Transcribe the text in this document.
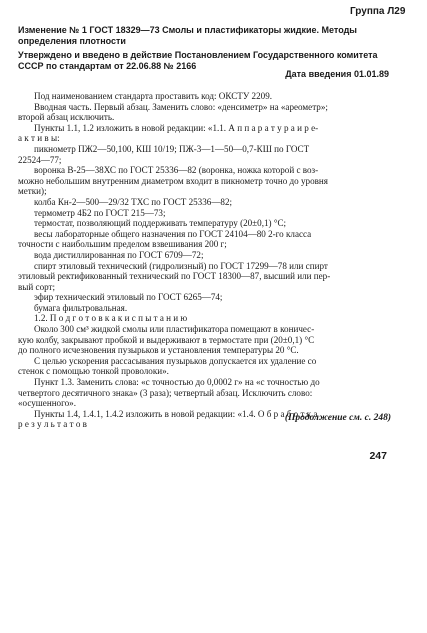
Группа Л29
Изменение № 1 ГОСТ 18329—73 Смолы и пластификаторы жидкие. Методы
определения плотности
Утверждено и введено в действие Постановлением Государственного комитета
СССР по стандартам от 22.06.88 № 2166
Дата введения 01.01.89
Под наименованием стандарта проставить код: ОКСТУ 2209.
Вводная часть. Первый абзац. Заменить слово: «денсиметр» на «ареометр»;
второй абзац исключить.
Пункты 1.1, 1.2 изложить в новой редакции: «1.1. А п п а р а т у р а и р е-
а к т и в ы:
пикнометр ПЖ2—50,100, КШ 10/19; ПЖ-3—1—50—0,7-КШ по ГОСТ
22524—77;
воронка В-25—38ХС по ГОСТ 25336—82 (воронка, ножка которой с воз-
можно небольшим внутренним диаметром входит в пикнометр точно до уровня
метки);
колба Кн-2—500—29/32 ТХС по ГОСТ 25336—82;
термометр 4Б2 по ГОСТ 215—73;
термостат, позволяющий поддерживать температуру (20±0,1) °С;
весы лабораторные общего назначения по ГОСТ 24104—80 2-го класса
точности с наибольшим пределом взвешивания 200 г;
вода дистиллированная по ГОСТ 6709—72;
спирт этиловый технический (гидролизный) по ГОСТ 17299—78 или спирт
этиловый ректификованный технический по ГОСТ 18300—87, высший или пер-
вый сорт;
эфир технический этиловый по ГОСТ 6265—74;
бумага фильтровальная.
1.2. П о д г о т о в к а к и с п ы т а н и ю
Около 300 см³ жидкой смолы или пластификатора помещают в коничес-
кую колбу, закрывают пробкой и выдерживают в термостате при (20±0,1) °С
до полного исчезновения пузырьков и установления температуры 20 °С.
С целью ускорения рассасывания пузырьков допускается их удаление со
стенок с помощью тонкой проволоки».
Пункт 1.3. Заменить слова: «с точностью до 0,0002 г» на «с точностью до
четвертого десятичного знака» (3 раза); четвертый абзац. Исключить слово:
«осушенного».
Пункты 1.4, 1.4.1, 1.4.2 изложить в новой редакции: «1.4. О б р а б о т к а
р е з у л ь т а т о в
(Продолжение см. с. 248)
247
